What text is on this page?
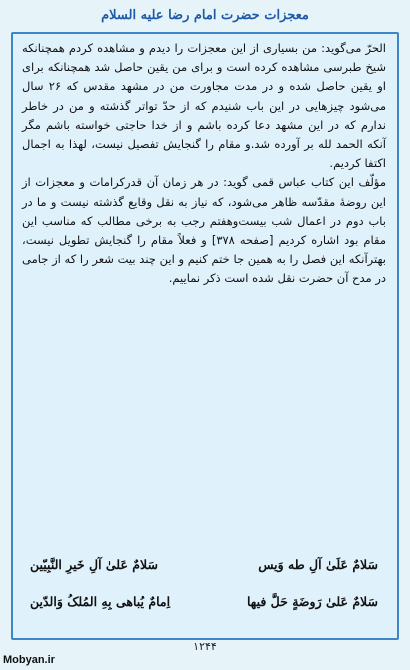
معجزات حضرت امام رضا علیه السلام

الحرّ می‌گوید: من بسیاری از این معجزات را دیدم و مشاهده کردم همچنانکه شیخ طبرسی مشاهده کرده است و برای من یقین حاصل شد همچنانکه برای او یقین حاصل شده و در مدت مجاورت من در مشهد مقدس که ۲۶ سال می‌شود چیزهایی در این باب شنیدم که از حدّ تواتر گذشته و من در خاطر ندارم که در این مشهد دعا کرده باشم و از خدا حاجتی خواسته باشم مگر آنکه الحمد لله بر آورده شد.و مقام را گنجایش تفصیل نیست، لهذا به اجمال اکتفا کردیم.

مؤلّف این کتاب عباس قمی گوید: در هر زمان آن قدرکرامات و معجزات از این روضهٔ مقدّسه ظاهر می‌شود، که نیاز به نقل وقایع گذشته نیست و ما در باب دوم در اعمال شب بیست‌وهفتم رجب به برخی مطالب که مناسب این مقام بود اشاره کردیم [صفحه ۳۷۸] و فعلاً مقام را گنجایش تطویل نیست، بهترآنکه این فصل را به همین جا ختم کنیم و این چند بیت شعر را که از جامی در مدح آن حضرت نقل شده است ذکر نماییم.

سَلامٌ عَلَیٰ آلِ طه وَیس
سَلامٌ عَلیٰ آلِ خَیرِ النَّبِیّین
سَلامٌ عَلیٰ رَوضَةٍ حَلَّ فیها
اِمامٌ یُباهی بِهِ المُلکُ وَالدّین
۱۲۴۴
Mobyan.ir
